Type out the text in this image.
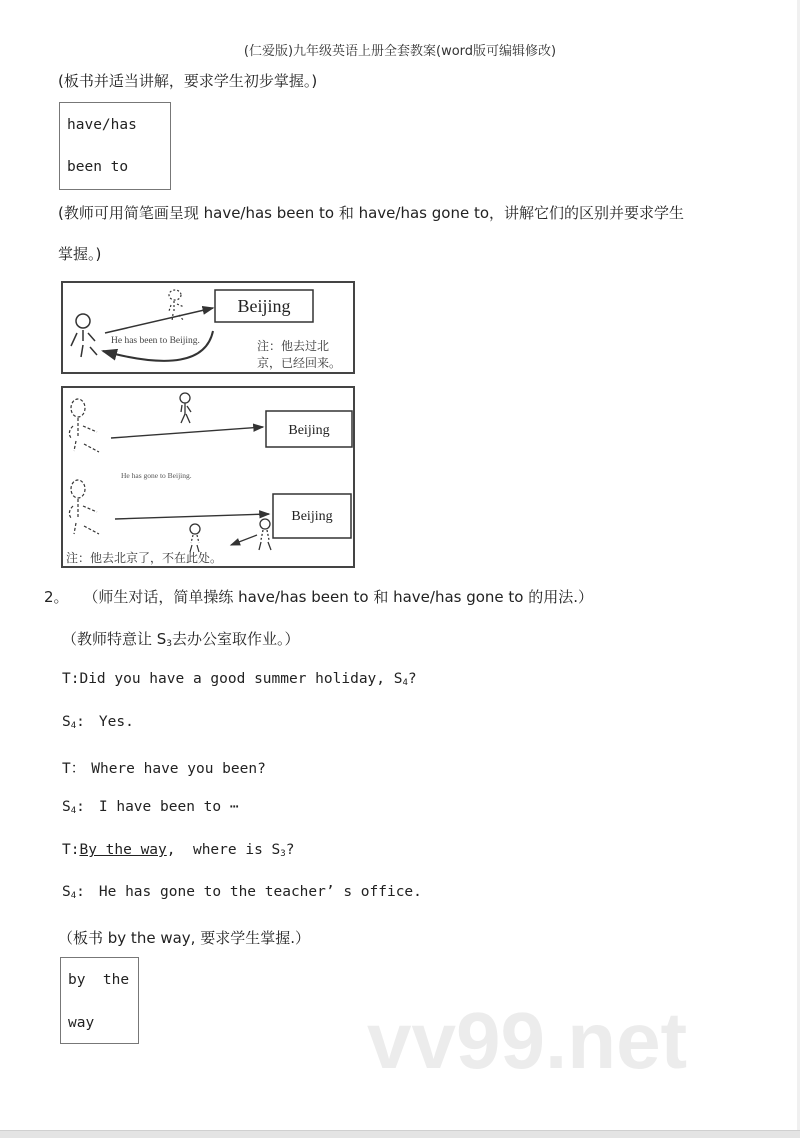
(仁爱版)九年级英语上册全套教案(word版可编辑修改)
(板书并适当讲解，要求学生初步掌握。)
have/has
been to
(教师可用简笔画呈现 have/has been to 和 have/has gone to，讲解它们的区别并要求学生
掌握。)
Beijing
He has been to Beijing.	注：他去过北
京，已经回来。
Beijing
He has gone to Beijing.
Beijing
注：他去北京了，不在此处。
2。 （师生对话，简单操练 have/has been to 和 have/has gone to 的用法.）
（教师特意让 $S_3$去办公室取作业。）
T:Did you have a good summer holiday, $S_4$?
$S_4$: Yes.
T： Where have you been?
$S_4$: I have been to ⋯
T:By the way,  where is $S_3$?
$S_4$: He has gone to the teacher’ s office.
（板书 by the way, 要求学生掌握.）
by  the
way	vv99.net
